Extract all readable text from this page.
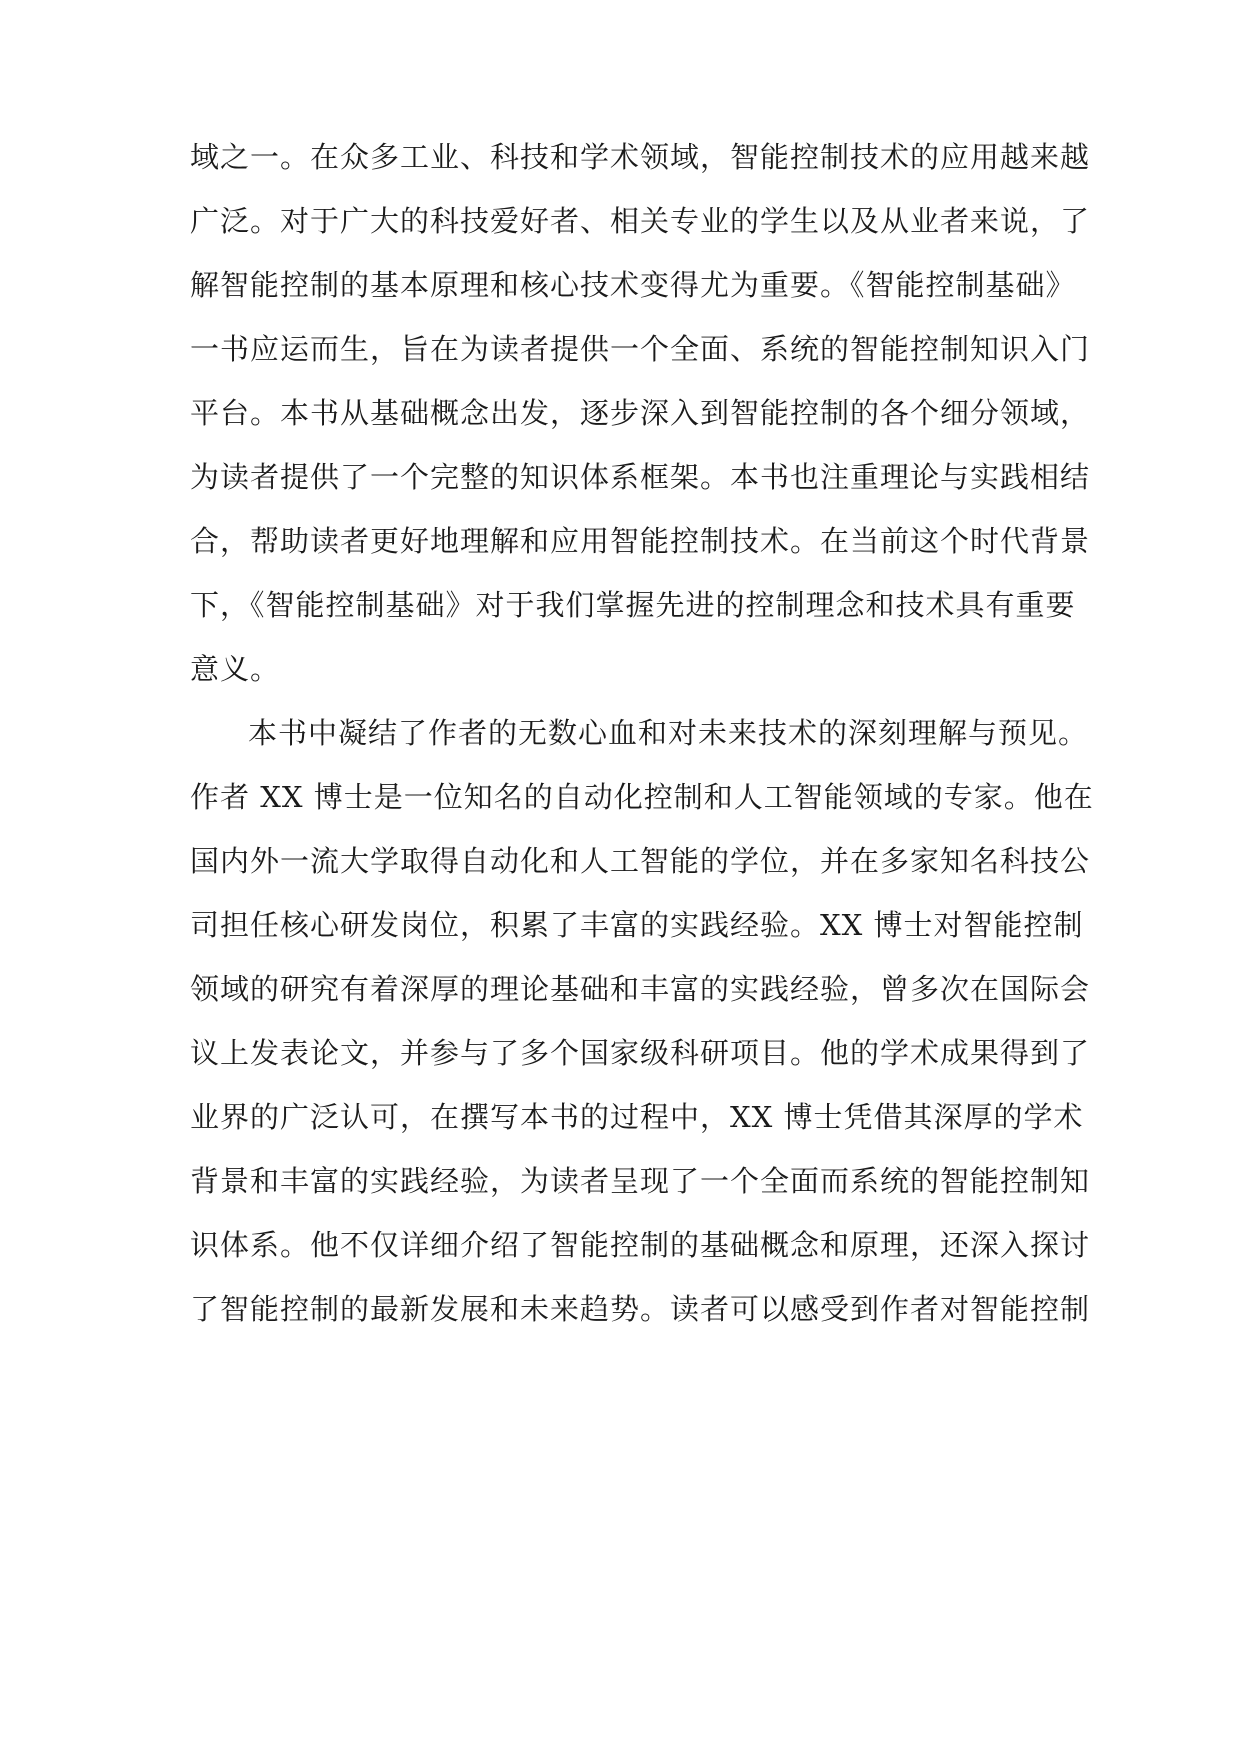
域之一。在众多工业、科技和学术领域，智能控制技术的应用越来越
广泛。对于广大的科技爱好者、相关专业的学生以及从业者来说，了
解智能控制的基本原理和核心技术变得尤为重要。《智能控制基础》
一书应运而生，旨在为读者提供一个全面、系统的智能控制知识入门
平台。本书从基础概念出发，逐步深入到智能控制的各个细分领域，
为读者提供了一个完整的知识体系框架。本书也注重理论与实践相结
合，帮助读者更好地理解和应用智能控制技术。在当前这个时代背景
下，《智能控制基础》对于我们掌握先进的控制理念和技术具有重要
意义。
本书中凝结了作者的无数心血和对未来技术的深刻理解与预见。
作者 XX 博士是一位知名的自动化控制和人工智能领域的专家。他在
国内外一流大学取得自动化和人工智能的学位，并在多家知名科技公
司担任核心研发岗位，积累了丰富的实践经验。XX 博士对智能控制
领域的研究有着深厚的理论基础和丰富的实践经验，曾多次在国际会
议上发表论文，并参与了多个国家级科研项目。他的学术成果得到了
业界的广泛认可，在撰写本书的过程中，XX 博士凭借其深厚的学术
背景和丰富的实践经验，为读者呈现了一个全面而系统的智能控制知
识体系。他不仅详细介绍了智能控制的基础概念和原理，还深入探讨
了智能控制的最新发展和未来趋势。读者可以感受到作者对智能控制
